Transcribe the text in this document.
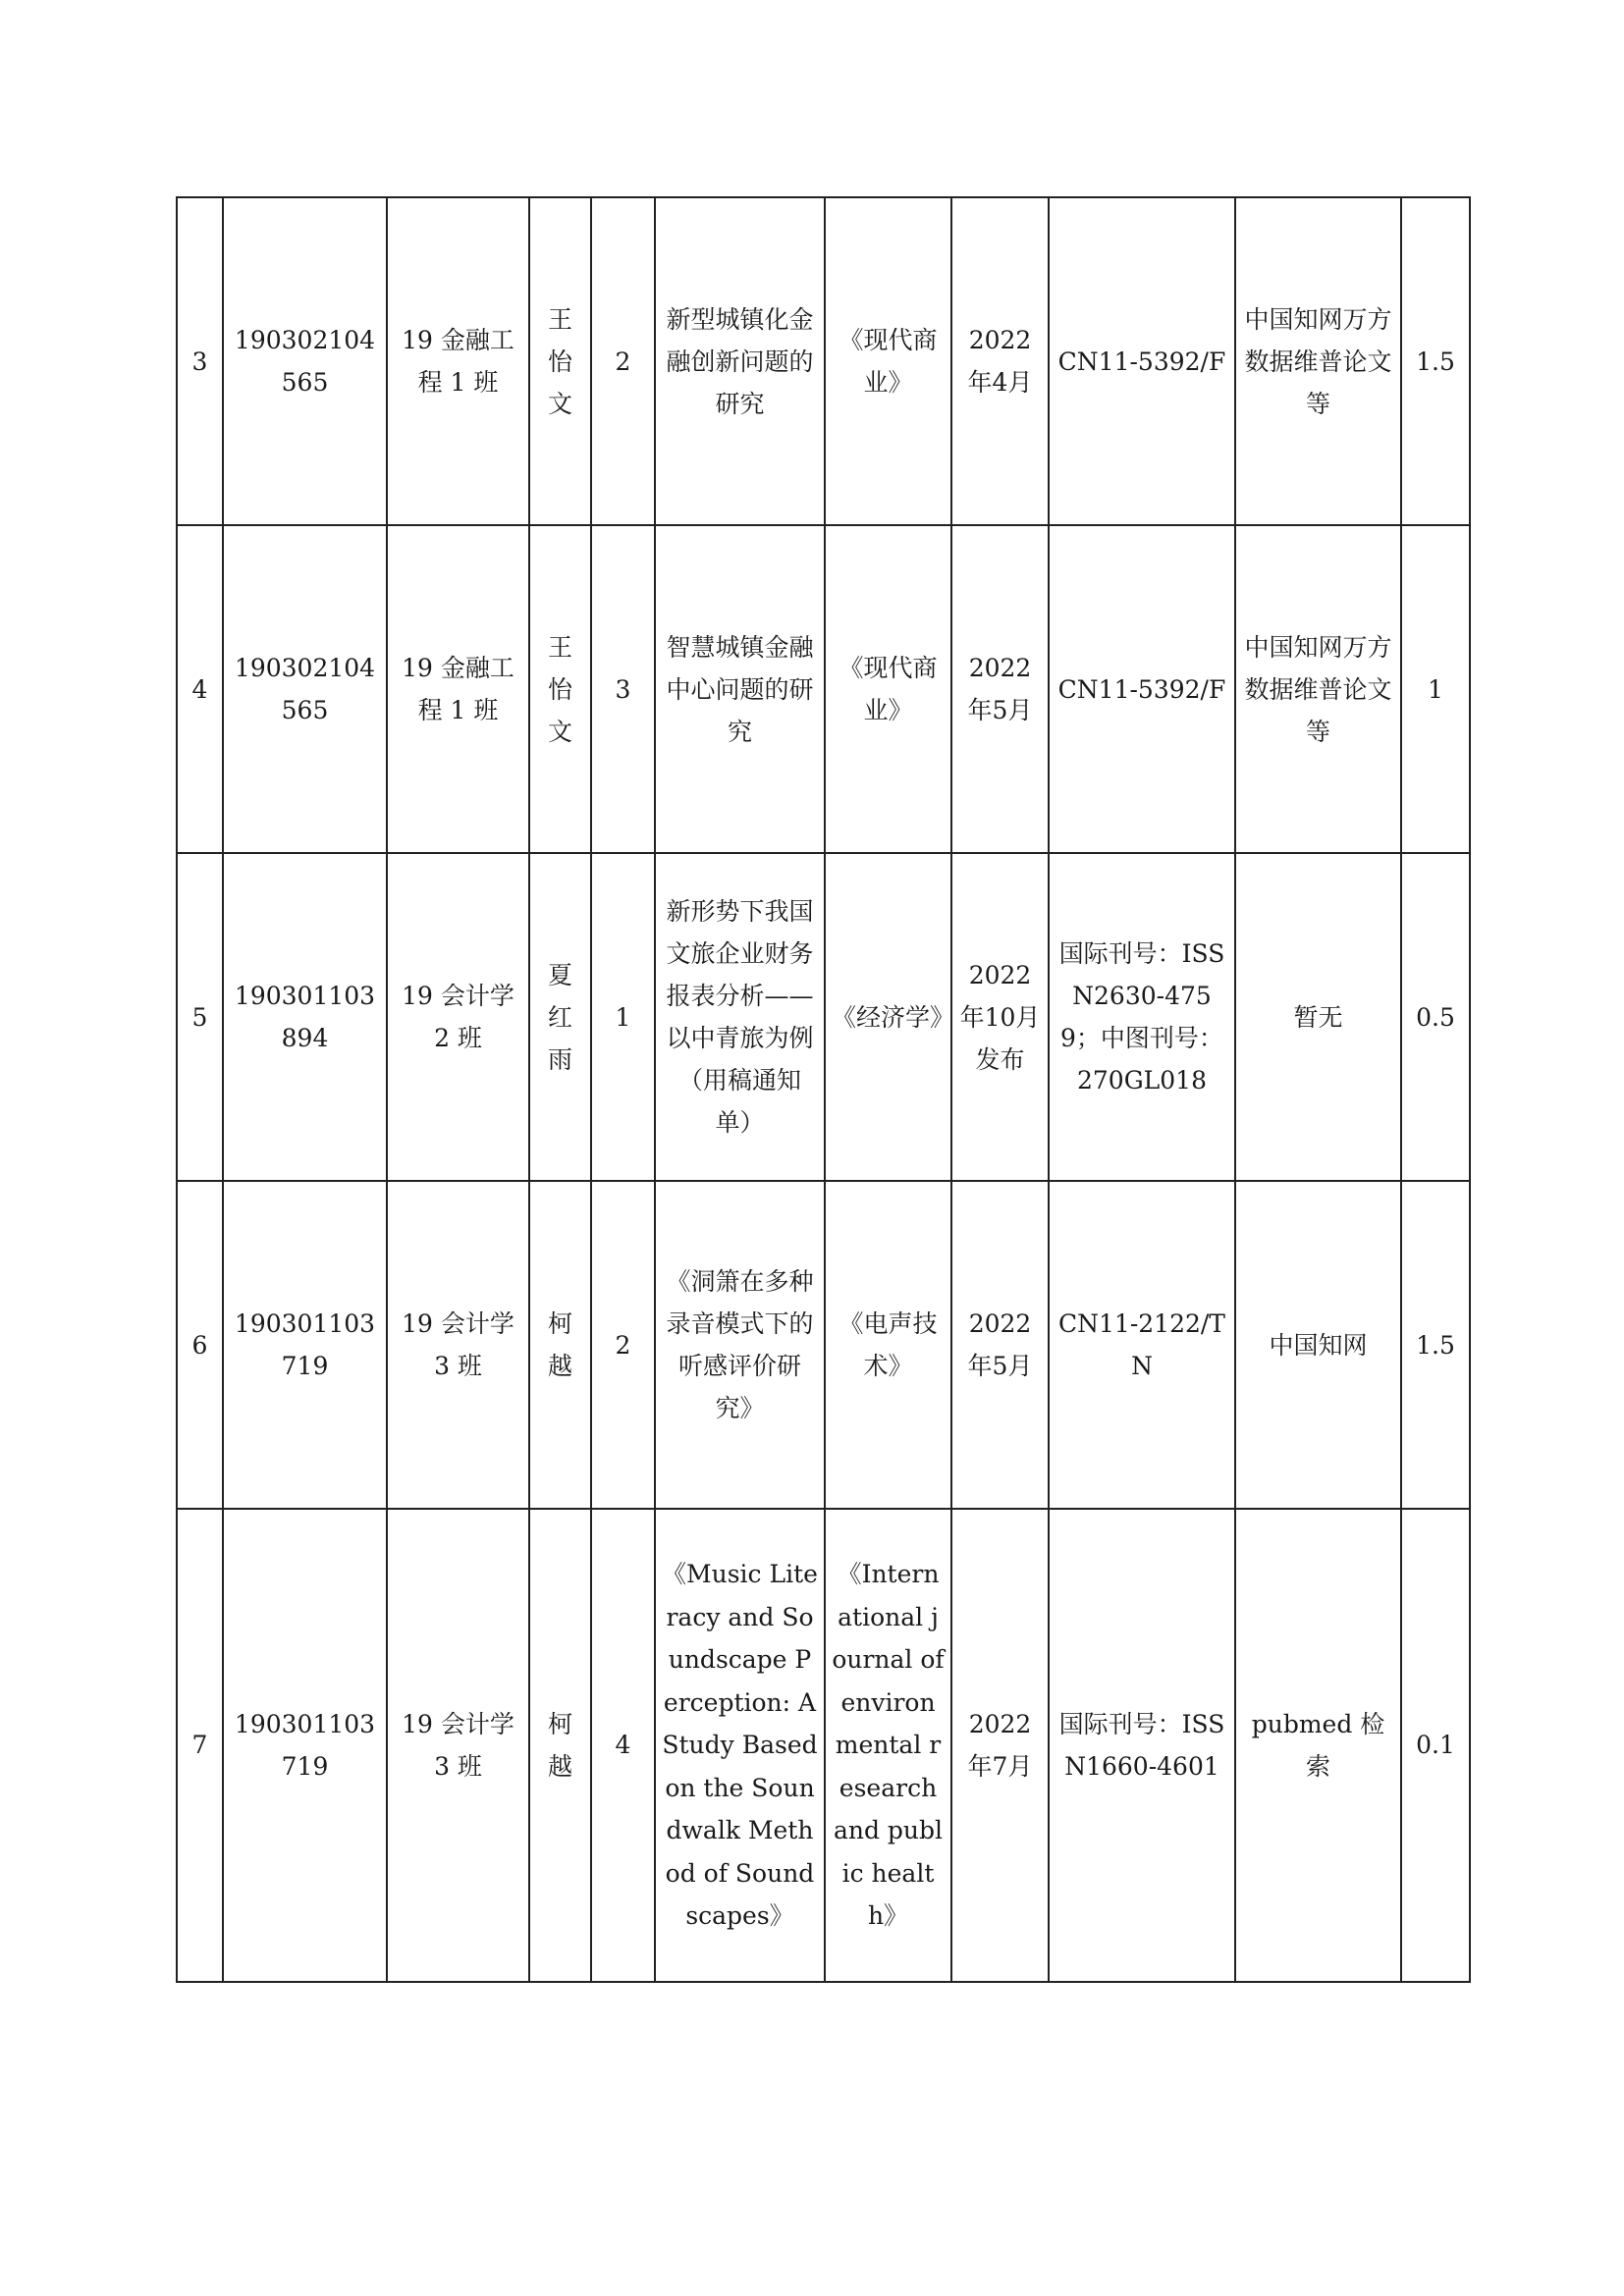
3	190302104565	19 金融工程 1 班	王怡文	2	新型城镇化金融创新问题的研究	《现代商业》	2022年4月	CN11-5392/F	中国知网万方数据维普论文等	1.5
4	190302104565	19 金融工程 1 班	王怡文	3	智慧城镇金融中心问题的研究	《现代商业》	2022年5月	CN11-5392/F	中国知网万方数据维普论文等	1
5	190301103894	19 会计学 2 班	夏红雨	1	新形势下我国文旅企业财务报表分析——以中青旅为例（用稿通知单）	《经济学》	2022年10月发布	国际刊号：ISSN2630-4759；中图刊号：270GL018	暂无	0.5
6	190301103719	19 会计学 3 班	柯越	2	《洞箫在多种录音模式下的听感评价研究》	《电声技术》	2022年5月	CN11-2122/TN	中国知网	1.5
7	190301103719	19 会计学 3 班	柯越	4	《Music Literacy and Soundscape Perception: A Study Based on the Soundwalk Method of Soundscapes》	《International journal of environmental research and public health》	2022年7月	国际刊号：ISSN1660-4601	pubmed 检索	0.1
